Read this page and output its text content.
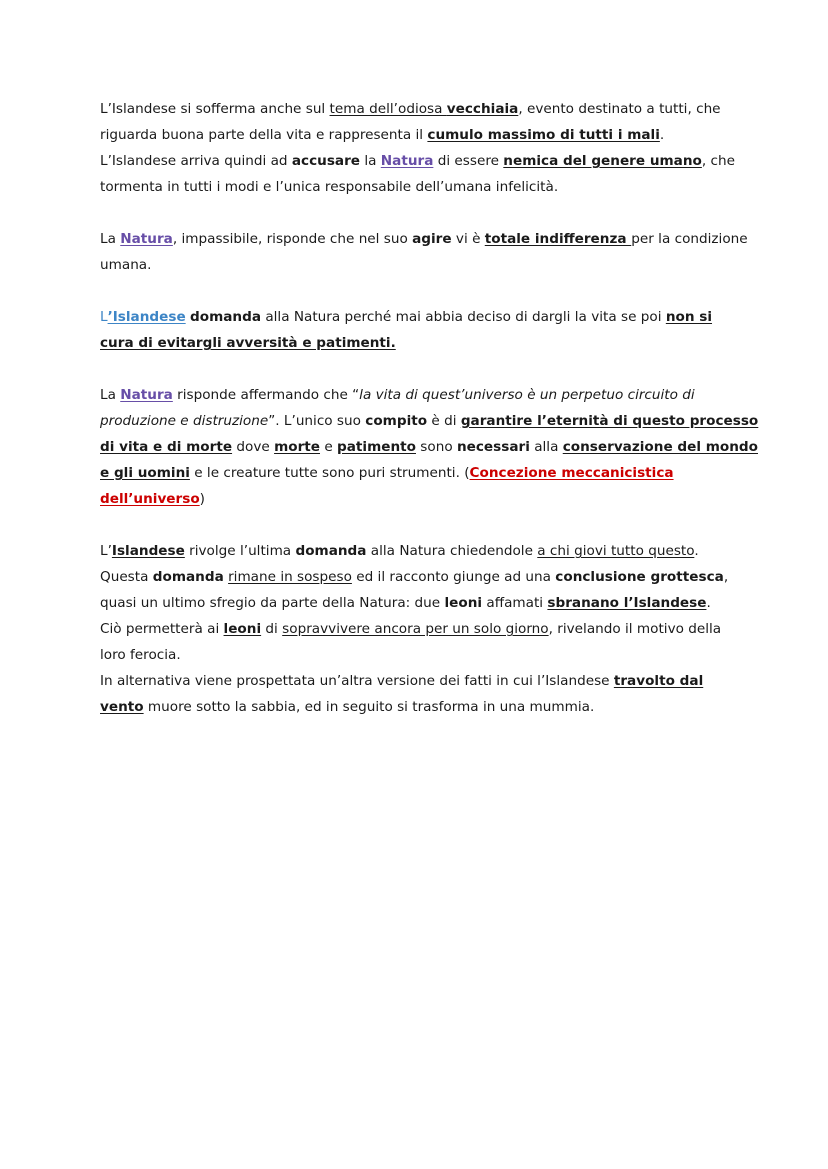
L’Islandese si sofferma anche sul tema dell’odiosa vecchiaia, evento destinato a tutti, che
riguarda buona parte della vita e rappresenta il cumulo massimo di tutti i mali.
L’Islandese arriva quindi ad accusare la Natura di essere nemica del genere umano, che
tormenta in tutti i modi e l’unica responsabile dell’umana infelicità.

La Natura, impassibile, risponde che nel suo agire vi è totale indifferenza per la condizione
umana.

L’Islandese domanda alla Natura perché mai abbia deciso di dargli la vita se poi non si
cura di evitargli avversità e patimenti.

La Natura risponde affermando che “la vita di quest’universo è un perpetuo circuito di
produzione e distruzione”. L’unico suo compito è di garantire l’eternità di questo processo
di vita e di morte dove morte e patimento sono necessari alla conservazione del mondo
e gli uomini e le creature tutte sono puri strumenti. (Concezione meccanicistica
dell’universo)

L’Islandese rivolge l’ultima domanda alla Natura chiedendole a chi giovi tutto questo.
Questa domanda rimane in sospeso ed il racconto giunge ad una conclusione grottesca,
quasi un ultimo sfregio da parte della Natura: due leoni affamati sbranano l’Islandese.
Ciò permetterà ai leoni di sopravvivere ancora per un solo giorno, rivelando il motivo della
loro ferocia.
In alternativa viene prospettata un’altra versione dei fatti in cui l’Islandese travolto dal
vento muore sotto la sabbia, ed in seguito si trasforma in una mummia.
